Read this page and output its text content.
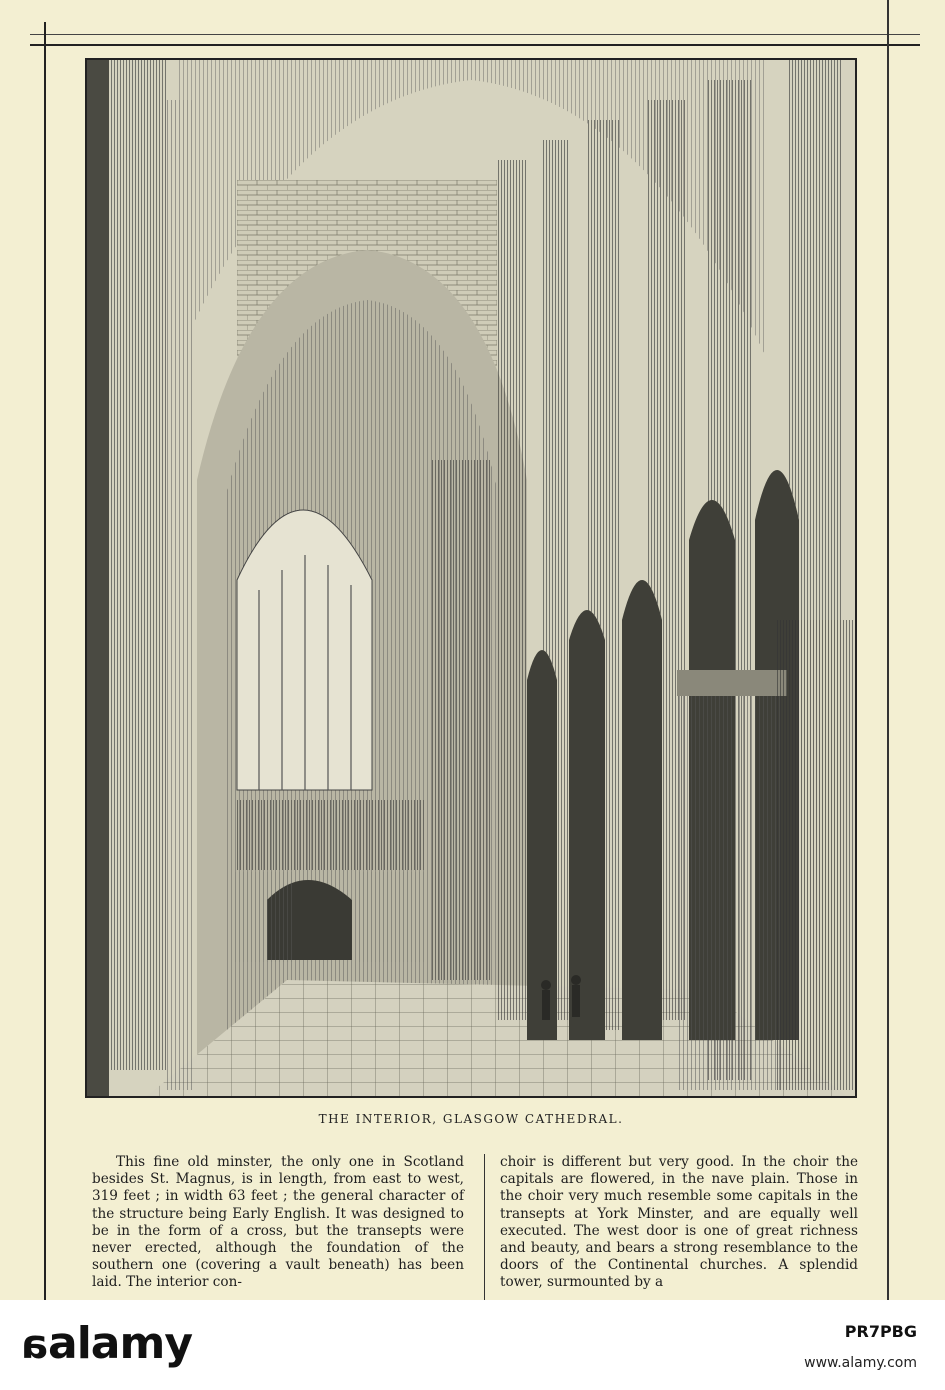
THE INTERIOR, GLASGOW CATHEDRAL.

This fine old minster, the only one in Scotland besides St. Magnus, is in length, from east to west, 319 feet ; in width 63 feet ; the general character of the structure being Early English. It was designed to be in the form of a cross, but the transepts were never erected, although the foundation of the southern one (covering a vault beneath) has been laid. The interior con-

choir is different but very good. In the choir the capitals are flowered, in the nave plain. Those in the choir very much resemble some capitals in the transepts at York Minster, and are equally well executed. The west door is one of great richness and beauty, and bears a strong resemblance to the doors of the Continental churches. A splendid tower, surmounted by a

aalamy	PR7PBG
www.alamy.com
